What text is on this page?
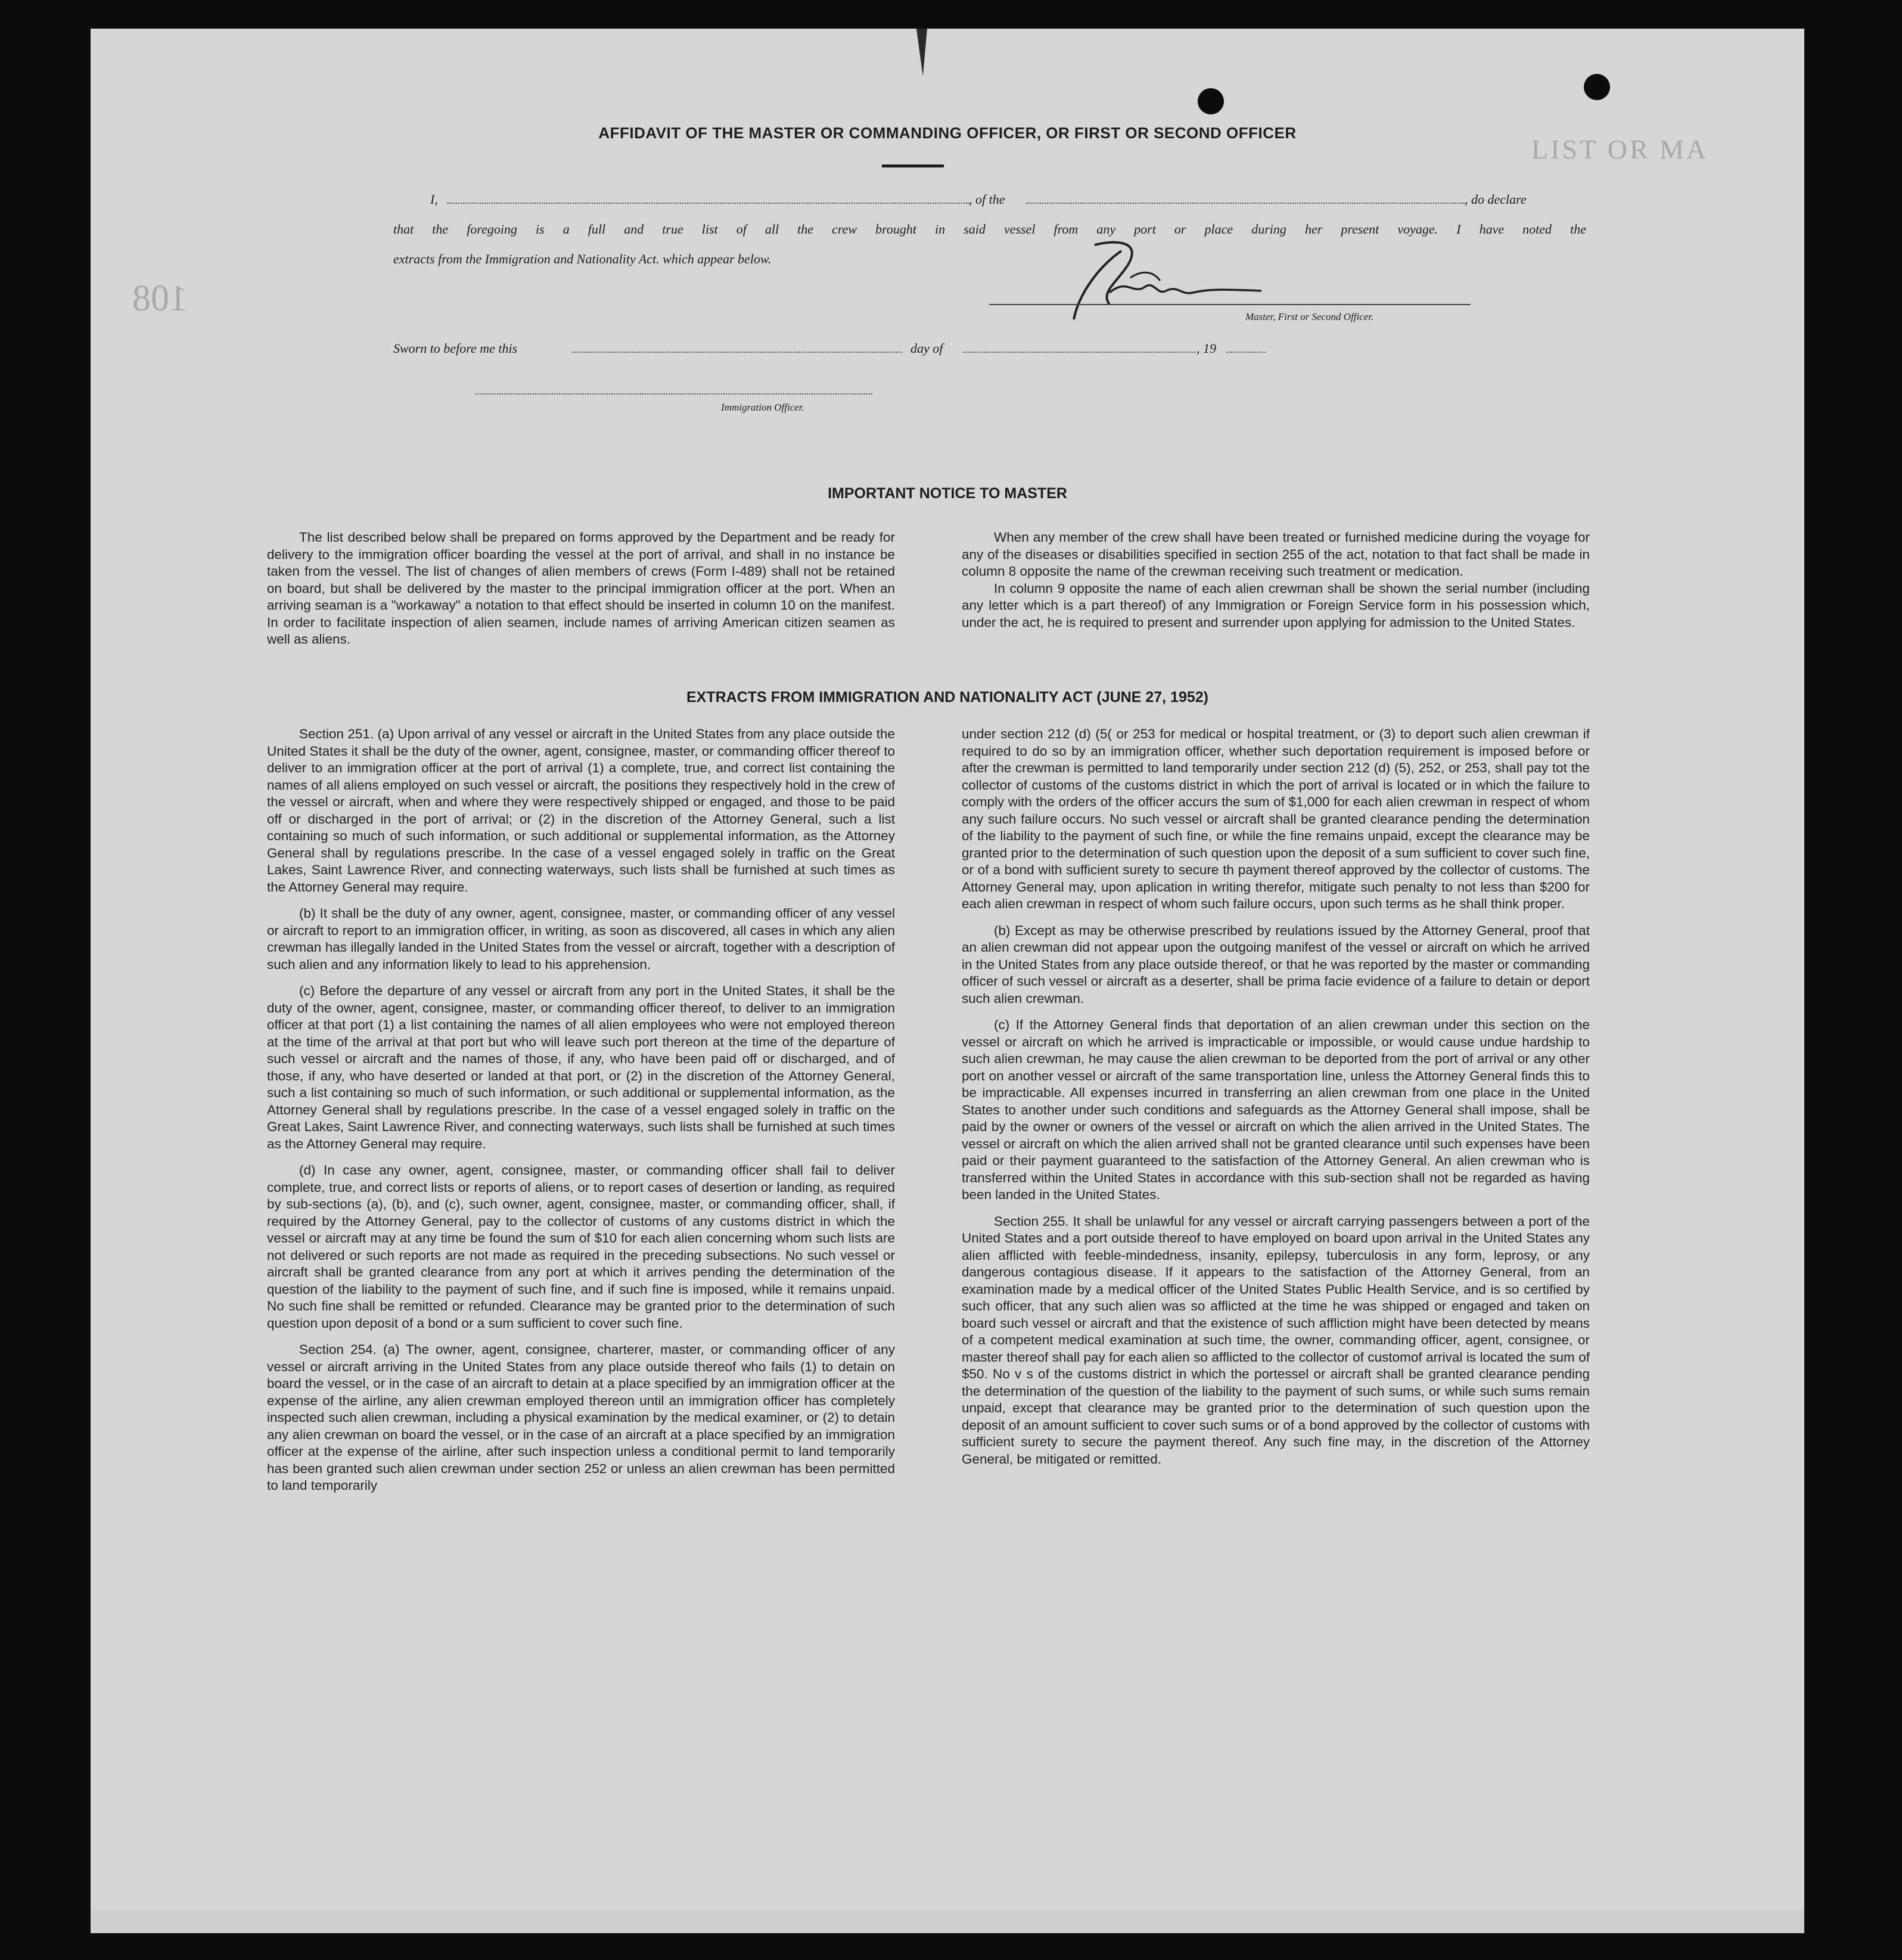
108
LIST OR MA
AFFIDAVIT OF THE MASTER OR COMMANDING OFFICER, OR FIRST OR SECOND OFFICER
I,	, of the	, do declare
that the foregoing is a full and true list of all the crew brought in said vessel from any port or place during her present voyage. I have noted the
extracts from the Immigration and Nationality Act. which appear below.
Master, First or Second Officer.
Sworn to before me this	day of	, 19
Immigration Officer.
IMPORTANT NOTICE TO MASTER

The list described below shall be prepared on forms approved by the Department and be ready for delivery to the immigration officer boarding the vessel at the port of arrival, and shall in no instance be taken from the vessel. The list of changes of alien members of crews (Form I-489) shall not be retained on board, but shall be delivered by the master to the principal immigration officer at the port. When an arriving seaman is a "workaway" a notation to that effect should be inserted in column 10 on the manifest. In order to facilitate inspection of alien seamen, include names of arriving American citizen seamen as well as aliens.

When any member of the crew shall have been treated or furnished medicine during the voyage for any of the diseases or disabilities specified in section 255 of the act, notation to that fact shall be made in column 8 opposite the name of the crewman receiving such treatment or medication.

In column 9 opposite the name of each alien crewman shall be shown the serial number (including any letter which is a part thereof) of any Immigration or Foreign Service form in his possession which, under the act, he is required to present and surrender upon applying for admission to the United States.

EXTRACTS FROM IMMIGRATION AND NATIONALITY ACT (JUNE 27, 1952)

Section 251. (a) Upon arrival of any vessel or aircraft in the United States from any place outside the United States it shall be the duty of the owner, agent, consignee, master, or commanding officer thereof to deliver to an immigration officer at the port of arrival (1) a complete, true, and correct list containing the names of all aliens employed on such vessel or aircraft, the positions they respectively hold in the crew of the vessel or aircraft, when and where they were respectively shipped or engaged, and those to be paid off or discharged in the port of arrival; or (2) in the discretion of the Attorney General, such a list containing so much of such information, or such additional or supplemental information, as the Attorney General shall by regulations prescribe. In the case of a vessel engaged solely in traffic on the Great Lakes, Saint Lawrence River, and connecting waterways, such lists shall be furnished at such times as the Attorney General may require.

(b) It shall be the duty of any owner, agent, consignee, master, or commanding officer of any vessel or aircraft to report to an immigration officer, in writing, as soon as discovered, all cases in which any alien crewman has illegally landed in the United States from the vessel or aircraft, together with a description of such alien and any information likely to lead to his apprehension.

(c) Before the departure of any vessel or aircraft from any port in the United States, it shall be the duty of the owner, agent, consignee, master, or commanding officer thereof, to deliver to an immigration officer at that port (1) a list containing the names of all alien employees who were not employed thereon at the time of the arrival at that port but who will leave such port thereon at the time of the departure of such vessel or aircraft and the names of those, if any, who have been paid off or discharged, and of those, if any, who have deserted or landed at that port, or (2) in the discretion of the Attorney General, such a list containing so much of such information, or such additional or supplemental information, as the Attorney General shall by regulations prescribe. In the case of a vessel engaged solely in traffic on the Great Lakes, Saint Lawrence River, and connecting waterways, such lists shall be furnished at such times as the Attorney General may require.

(d) In case any owner, agent, consignee, master, or commanding officer shall fail to deliver complete, true, and correct lists or reports of aliens, or to report cases of desertion or landing, as required by sub-sections (a), (b), and (c), such owner, agent, consignee, master, or commanding officer, shall, if required by the Attorney General, pay to the collector of customs of any customs district in which the vessel or aircraft may at any time be found the sum of $10 for each alien concerning whom such lists are not delivered or such reports are not made as required in the preceding subsections. No such vessel or aircraft shall be granted clearance from any port at which it arrives pending the determination of the question of the liability to the payment of such fine, and if such fine is imposed, while it remains unpaid. No such fine shall be remitted or refunded. Clearance may be granted prior to the determination of such question upon deposit of a bond or a sum sufficient to cover such fine.

Section 254. (a) The owner, agent, consignee, charterer, master, or commanding officer of any vessel or aircraft arriving in the United States from any place outside thereof who fails (1) to detain on board the vessel, or in the case of an aircraft to detain at a place specified by an immigration officer at the expense of the airline, any alien crewman employed thereon until an immigration officer has completely inspected such alien crewman, including a physical examination by the medical examiner, or (2) to detain any alien crewman on board the vessel, or in the case of an aircraft at a place specified by an immigration officer at the expense of the airline, after such inspection unless a conditional permit to land temporarily has been granted such alien crewman under section 252 or unless an alien crewman has been permitted to land temporarily

under section 212 (d) (5( or 253 for medical or hospital treatment, or (3) to deport such alien crewman if required to do so by an immigration officer, whether such deportation requirement is imposed before or after the crewman is permitted to land temporarily under section 212 (d) (5), 252, or 253, shall pay tot the collector of customs of the customs district in which the port of arrival is located or in which the failure to comply with the orders of the officer accurs the sum of $1,000 for each alien crewman in respect of whom any such failure occurs. No such vessel or aircraft shall be granted clearance pending the determination of the liability to the payment of such fine, or while the fine remains unpaid, except the clearance may be granted prior to the determination of such question upon the deposit of a sum sufficient to cover such fine, or of a bond with sufficient surety to secure th payment thereof approved by the collector of customs. The Attorney General may, upon aplication in writing therefor, mitigate such penalty to not less than $200 for each alien crewman in respect of whom such failure occurs, upon such terms as he shall think proper.

(b) Except as may be otherwise prescribed by reulations issued by the Attorney General, proof that an alien crewman did not appear upon the outgoing manifest of the vessel or aircraft on which he arrived in the United States from any place outside thereof, or that he was reported by the master or commanding officer of such vessel or aircraft as a deserter, shall be prima facie evidence of a failure to detain or deport such alien crewman.

(c) If the Attorney General finds that deportation of an alien crewman under this section on the vessel or aircraft on which he arrived is impracticable or impossible, or would cause undue hardship to such alien crewman, he may cause the alien crewman to be deported from the port of arrival or any other port on another vessel or aircraft of the same transportation line, unless the Attorney General finds this to be impracticable. All expenses incurred in transferring an alien crewman from one place in the United States to another under such conditions and safeguards as the Attorney General shall impose, shall be paid by the owner or owners of the vessel or aircraft on which the alien arrived in the United States. The vessel or aircraft on which the alien arrived shall not be granted clearance until such expenses have been paid or their payment guaranteed to the satisfaction of the Attorney General. An alien crewman who is transferred within the United States in accordance with this sub-section shall not be regarded as having been landed in the United States.

Section 255. It shall be unlawful for any vessel or aircraft carrying passengers between a port of the United States and a port outside thereof to have employed on board upon arrival in the United States any alien afflicted with feeble-mindedness, insanity, epilepsy, tuberculosis in any form, leprosy, or any dangerous contagious disease. If it appears to the satisfaction of the Attorney General, from an examination made by a medical officer of the United States Public Health Service, and is so certified by such officer, that any such alien was so afflicted at the time he was shipped or engaged and taken on board such vessel or aircraft and that the existence of such affliction might have been detected by means of a competent medical examination at such time, the owner, commanding officer, agent, consignee, or master thereof shall pay for each alien so afflicted to the collector of customof arrival is located the sum of $50. No v s of the customs district in which the portessel or aircraft shall be granted clearance pending the determination of the question of the liability to the payment of such sums, or while such sums remain unpaid, except that clearance may be granted prior to the determination of such question upon the deposit of an amount sufficient to cover such sums or of a bond approved by the collector of customs with sufficient surety to secure the payment thereof. Any such fine may, in the discretion of the Attorney General, be mitigated or remitted.
